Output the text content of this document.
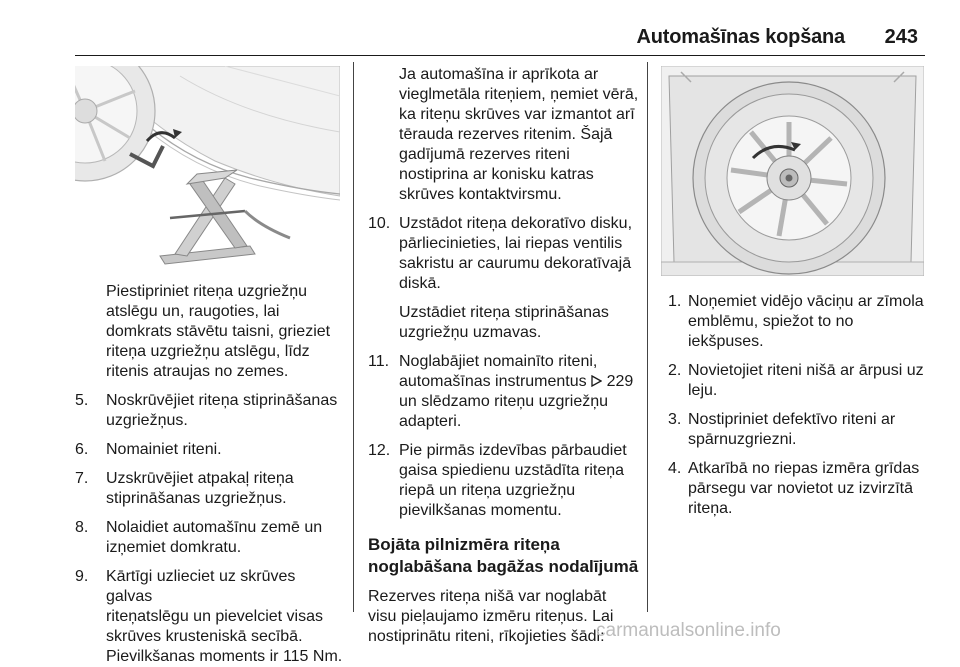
Automašīnas kopšana 243

Piestipriniet riteņa uzgriežņu
atslēgu un, raugoties, lai
domkrats stāvētu taisni, grieziet
riteņa uzgriežņu atslēgu, līdz
ritenis atraujas no zemes.

5. Noskrūvējiet riteņa stiprināšanas
uzgriežņus.

6. Nomainiet riteni.

7. Uzskrūvējiet atpakaļ riteņa
stiprināšanas uzgriežņus.

8. Nolaidiet automašīnu zemē un
izņemiet domkratu.

9. Kārtīgi uzlieciet uz skrūves galvas
riteņatslēgu un pievelciet visas
skrūves krusteniskā secībā.
Pievilkšanas moments ir 115 Nm.

Ja automašīna ir aprīkota ar
vieglmetāla riteņiem, ņemiet vērā,
ka riteņu skrūves var izmantot arī
tērauda rezerves ritenim. Šajā
gadījumā rezerves riteni
nostiprina ar konisku katras
skrūves kontaktvirsmu.

10. Uzstādot riteņa dekoratīvo disku,
pārliecinieties, lai riepas ventilis
sakristu ar caurumu dekoratīvajā
diskā.

Uzstādiet riteņa stiprināšanas
uzgriežņu uzmavas.

11. Noglabājiet nomainīto riteni,
automašīnas instrumentus 229
un slēdzamo riteņu uzgriežņu
adapteri.

12. Pie pirmās izdevības pārbaudiet
gaisa spiedienu uzstādīta riteņa
riepā un riteņa uzgriežņu
pievilkšanas momentu.

Bojāta pilnizmēra riteņa
noglabāšana bagāžas nodalījumā

Rezerves riteņa nišā var noglabāt
visu pieļaujamo izmēru riteņus. Lai
nostiprinātu riteni, rīkojieties šādi:

1. Noņemiet vidējo vāciņu ar zīmola
emblēmu, spiežot to no
iekšpuses.

2. Novietojiet riteni nišā ar ārpusi uz
leju.

3. Nostipriniet defektīvo riteni ar
spārnuzgriezni.

4. Atkarībā no riepas izmēra grīdas
pārsegu var novietot uz izvirzītā
riteņa.

carmanualsonline.info
